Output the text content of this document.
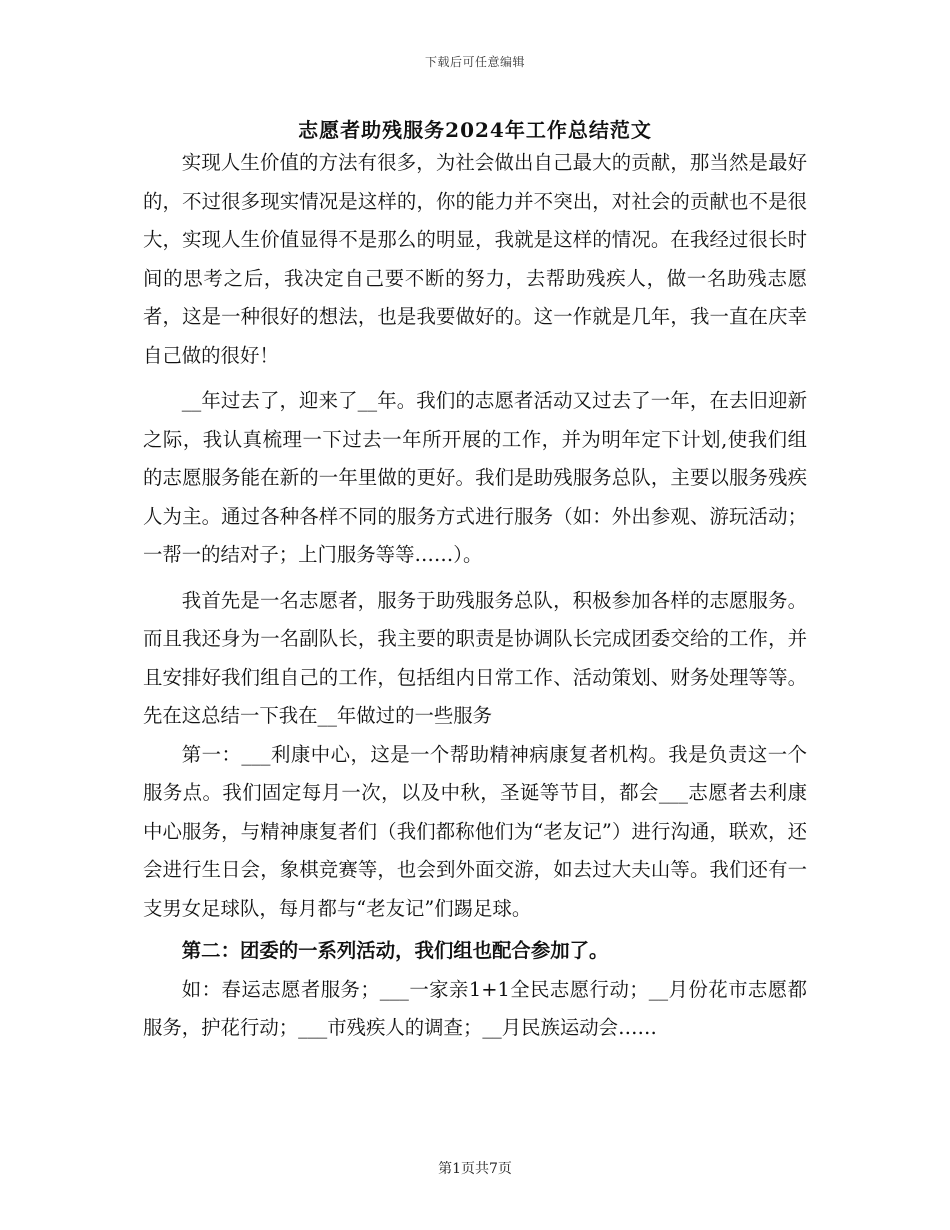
下载后可任意编辑
志愿者助残服务2024年工作总结范文

实现人生价值的方法有很多，为社会做出自己最大的贡献，那当然是最好的，不过很多现实情况是这样的，你的能力并不突出，对社会的贡献也不是很大，实现人生价值显得不是那么的明显，我就是这样的情况。在我经过很长时间的思考之后，我决定自己要不断的努力，去帮助残疾人，做一名助残志愿者，这是一种很好的想法，也是我要做好的。这一作就是几年，我一直在庆幸自己做的很好！

__年过去了，迎来了__年。我们的志愿者活动又过去了一年，在去旧迎新之际，我认真梳理一下过去一年所开展的工作，并为明年定下计划,使我们组的志愿服务能在新的一年里做的更好。我们是助残服务总队，主要以服务残疾人为主。通过各种各样不同的服务方式进行服务（如：外出参观、游玩活动；一帮一的结对子；上门服务等等……）。

我首先是一名志愿者，服务于助残服务总队，积极参加各样的志愿服务。而且我还身为一名副队长，我主要的职责是协调队长完成团委交给的工作，并且安排好我们组自己的工作，包括组内日常工作、活动策划、财务处理等等。先在这总结一下我在__年做过的一些服务

第一：___利康中心，这是一个帮助精神病康复者机构。我是负责这一个服务点。我们固定每月一次，以及中秋，圣诞等节目，都会___志愿者去利康中心服务，与精神康复者们（我们都称他们为“老友记”）进行沟通，联欢，还会进行生日会，象棋竞赛等，也会到外面交游，如去过大夫山等。我们还有一支男女足球队，每月都与“老友记”们踢足球。

第二：团委的一系列活动，我们组也配合参加了。

如：春运志愿者服务；___一家亲1+1全民志愿行动；__月份花市志愿都服务，护花行动；___市残疾人的调查；__月民族运动会……

第1页共7页
